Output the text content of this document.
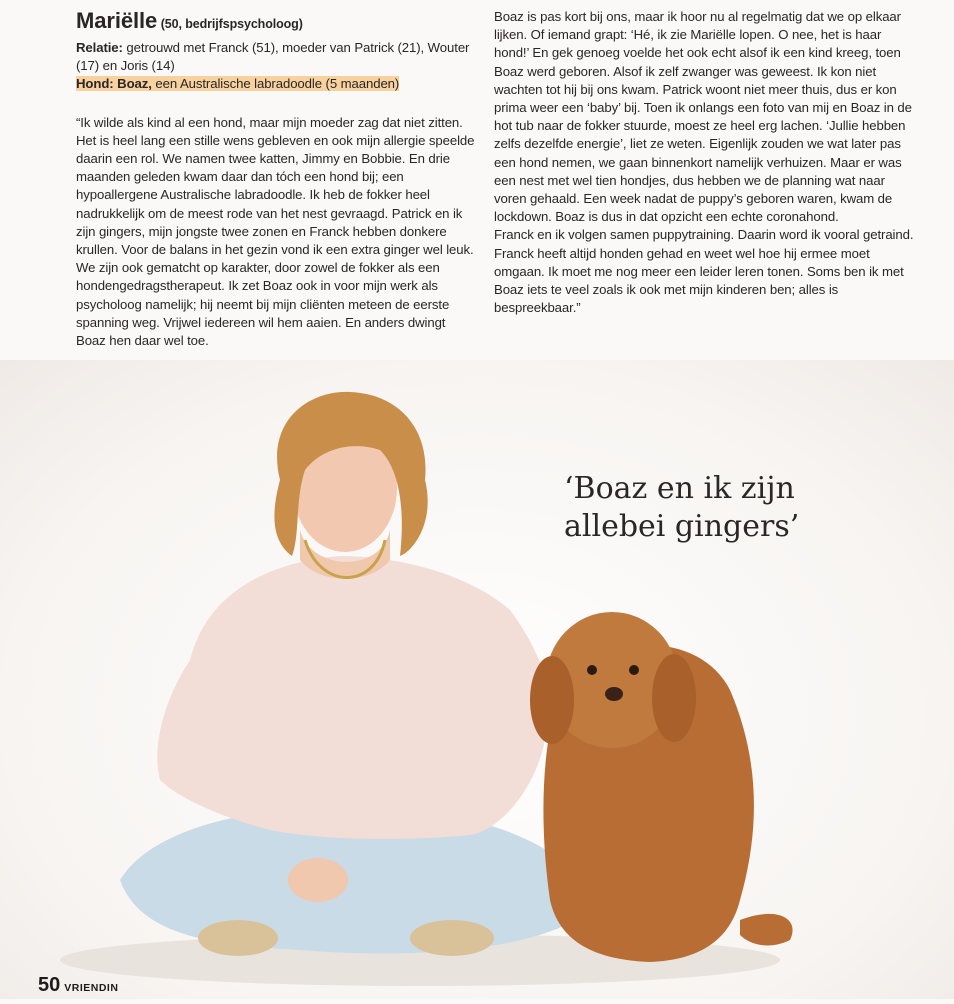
Mariëlle (50, bedrijfspsycholoog)

Relatie: getrouwd met Franck (51), moeder van Patrick (21), Wouter (17) en Joris (14)

Hond: Boaz, een Australische labradoodle (5 maanden)

“Ik wilde als kind al een hond, maar mijn moeder zag dat niet zitten. Het is heel lang een stille wens gebleven en ook mijn allergie speelde daarin een rol. We namen twee katten, Jimmy en Bobbie. En drie maanden geleden kwam daar dan tóch een hond bij; een hypoallergene Australische labradoodle. Ik heb de fokker heel nadrukkelijk om de meest rode van het nest gevraagd. Patrick en ik zijn gingers, mijn jongste twee zonen en Franck hebben donkere krullen. Voor de balans in het gezin vond ik een extra ginger wel leuk. We zijn ook gematcht op karakter, door zowel de fokker als een hondengedragstherapeut. Ik zet Boaz ook in voor mijn werk als psycholoog namelijk; hij neemt bij mijn cliënten meteen de eerste spanning weg. Vrijwel iedereen wil hem aaien. En anders dwingt Boaz hen daar wel toe.

Boaz is pas kort bij ons, maar ik hoor nu al regelmatig dat we op elkaar lijken. Of iemand grapt: ‘Hé, ik zie Mariëlle lopen. O nee, het is haar hond!’ En gek genoeg voelde het ook echt alsof ik een kind kreeg, toen Boaz werd geboren. Alsof ik zelf zwanger was geweest. Ik kon niet wachten tot hij bij ons kwam. Patrick woont niet meer thuis, dus er kon prima weer een ‘baby’ bij. Toen ik onlangs een foto van mij en Boaz in de hot tub naar de fokker stuurde, moest ze heel erg lachen. ‘Jullie hebben zelfs dezelfde energie’, liet ze weten. Eigenlijk zouden we wat later pas een hond nemen, we gaan binnenkort namelijk verhuizen. Maar er was een nest met wel tien hondjes, dus hebben we de planning wat naar voren gehaald. Een week nadat de puppy’s geboren waren, kwam de lockdown. Boaz is dus in dat opzicht een echte coronahond.

Franck en ik volgen samen puppytraining. Daarin word ik vooral getraind. Franck heeft altijd honden gehad en weet wel hoe hij ermee moet omgaan. Ik moet me nog meer een leider leren tonen. Soms ben ik met Boaz iets te veel zoals ik ook met mijn kinderen ben; alles is bespreekbaar.”

‘Boaz en ik zijn
allebei gingers’
50 VRIENDIN
